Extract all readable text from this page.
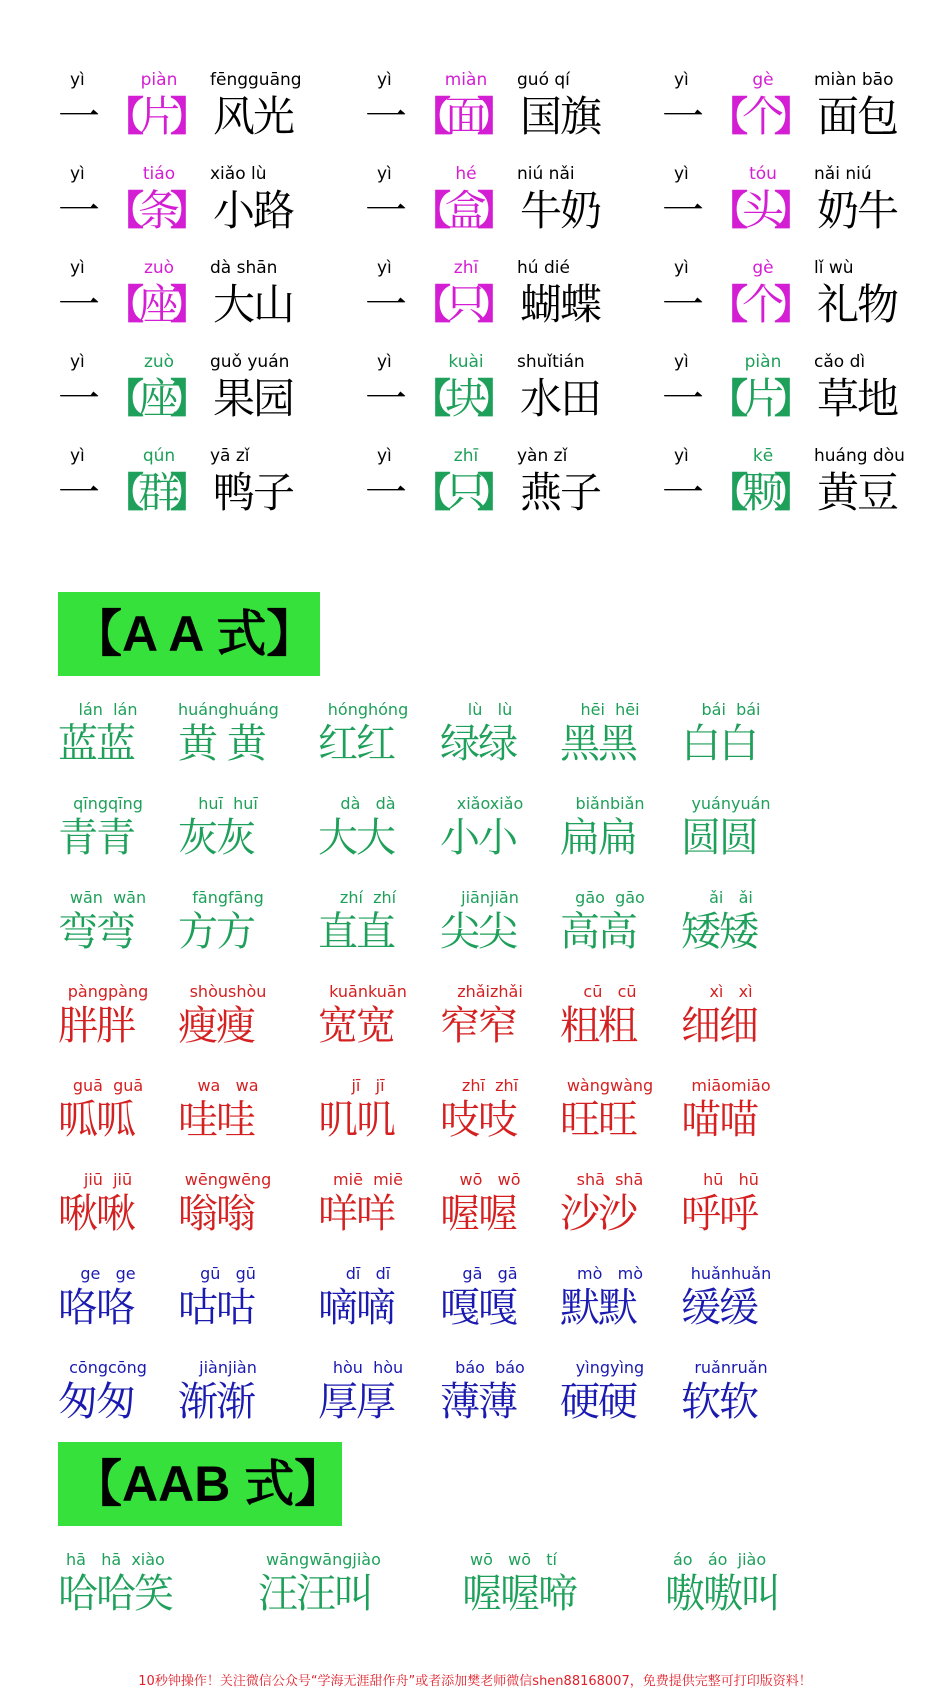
yì
一 【
piàn
片
】
fēngguāng
风光
yì
一 【
miàn
面
】
guó qí
国旗
yì
一 【
gè
个
】
miàn bāo
面包
yì
一 【
tiáo
条
】
xiǎo lù
小路
yì
一 【
hé
盒
】
niú nǎi
牛奶
yì
一 【
tóu
头
】
nǎi niú
奶牛
yì
一 【
zuò
座
】
dà shān
大山
yì
一 【
zhī
只
】
hú dié
蝴蝶
yì
一 【
gè
个
】
lǐ wù
礼物
yì
一 【
zuò
座
】
guǒ yuán
果园
yì
一 【
kuài
块
】
shuǐtián
水田
yì
一 【
piàn
片
】
cǎo dì
草地
yì
一 【
qún
群
】
yā zǐ
鸭子
yì
一 【
zhī
只
】
yàn zǐ
燕子
yì
一 【
kē
颗
】
huáng dòu
黄豆
【A A 式】
lán  lán
蓝蓝
huánghuáng
黄 黄
hónghóng
红红
lù   lù
绿绿
hēi  hēi
黑黑
bái  bái
白白
qīngqīng
青青
huī  huī
灰灰
dà   dà
大大
xiǎoxiǎo
小小
biǎnbiǎn
扁扁
yuányuán
圆圆
wān  wān
弯弯
fāngfāng
方方
zhí  zhí
直直
jiānjiān
尖尖
gāo  gāo
高高
ǎi   ǎi
矮矮
pàngpàng
胖胖
shòushòu
瘦瘦
kuānkuān
宽宽
zhǎizhǎi
窄窄
cū   cū
粗粗
xì   xì
细细
guā  guā
呱呱
wa   wa
哇哇
jī   jī
叽叽
zhī  zhī
吱吱
wàngwàng
旺旺
miāomiāo
喵喵
jiū  jiū
啾啾
wēngwēng
嗡嗡
miē  miē
咩咩
wō   wō
喔喔
shā  shā
沙沙
hū   hū
呼呼
ge   ge
咯咯
gū   gū
咕咕
dī   dī
嘀嘀
gā   gā
嘎嘎
mò   mò
默默
huǎnhuǎn
缓缓
cōngcōng
匆匆
jiànjiàn
渐渐
hòu  hòu
厚厚
báo  báo
薄薄
yìngyìng
硬硬
ruǎnruǎn
软软
【AAB 式】
hā   hā  xiào
哈哈笑
wāngwāngjiào
汪汪叫
wō   wō   tí
喔喔啼
áo   áo  jiào
嗷嗷叫
10秒钟操作！关注微信公众号“学海无涯甜作舟”或者添加樊老师微信shen88168007，免费提供完整可打印版资料！
